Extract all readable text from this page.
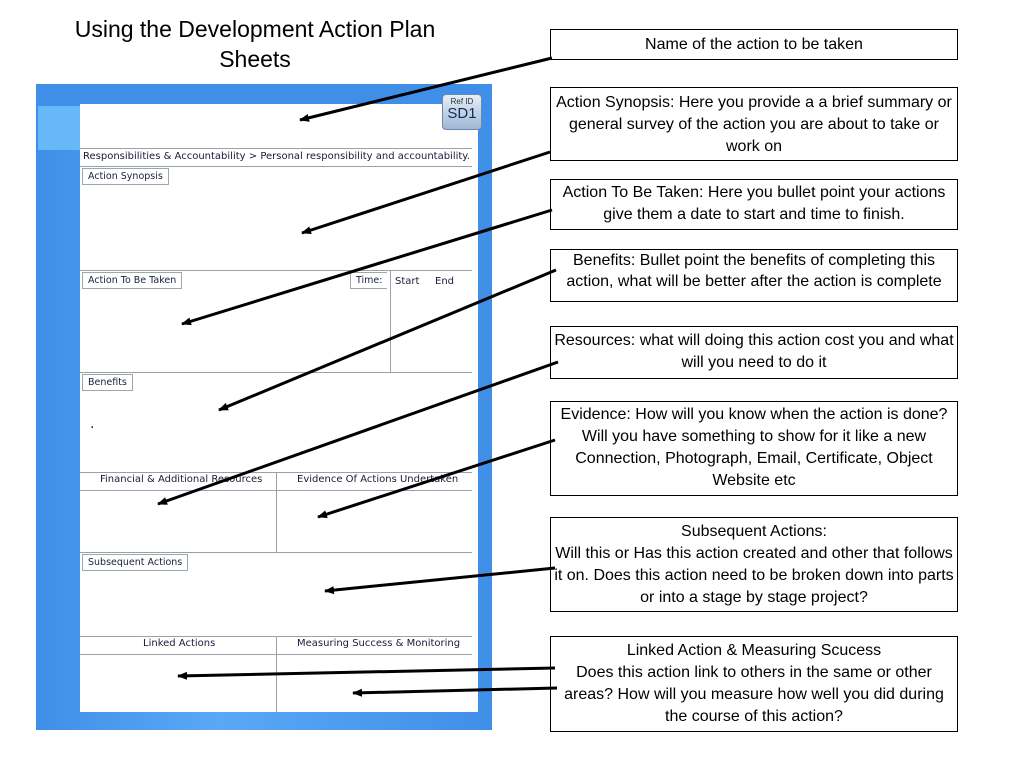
Using the Development Action Plan Sheets
Responsibilities & Accountability > Personal responsibility and accountability.
Action Synopsis
Action To Be Taken	Time:	Start End
Benefits
.
Financial & Additional Resources	Evidence Of Actions Undertaken
Subsequent Actions
Linked Actions	Measuring Success & Monitoring
Ref ID
SD1
Name of the action to be taken
Action Synopsis: Here you provide a a brief summary or general survey of the action you are about to take or work on
Action To Be Taken: Here you bullet point your actions give them a date to start and time to finish.
Benefits: Bullet point the benefits of completing this action, what will be better after the action is complete
Resources: what will doing this action cost you and what will you need to do it
Evidence: How will you know when the action is done? Will you have something to show for it like a new Connection, Photograph, Email, Certificate, Object Website etc
Subsequent Actions:
Will this or Has this action created and other that follows it on. Does this action need to be broken down into parts or into a stage by stage project?
Linked Action & Measuring Scucess
Does this action link to others in the same or other areas? How will you measure how well you did during the course of this action?
